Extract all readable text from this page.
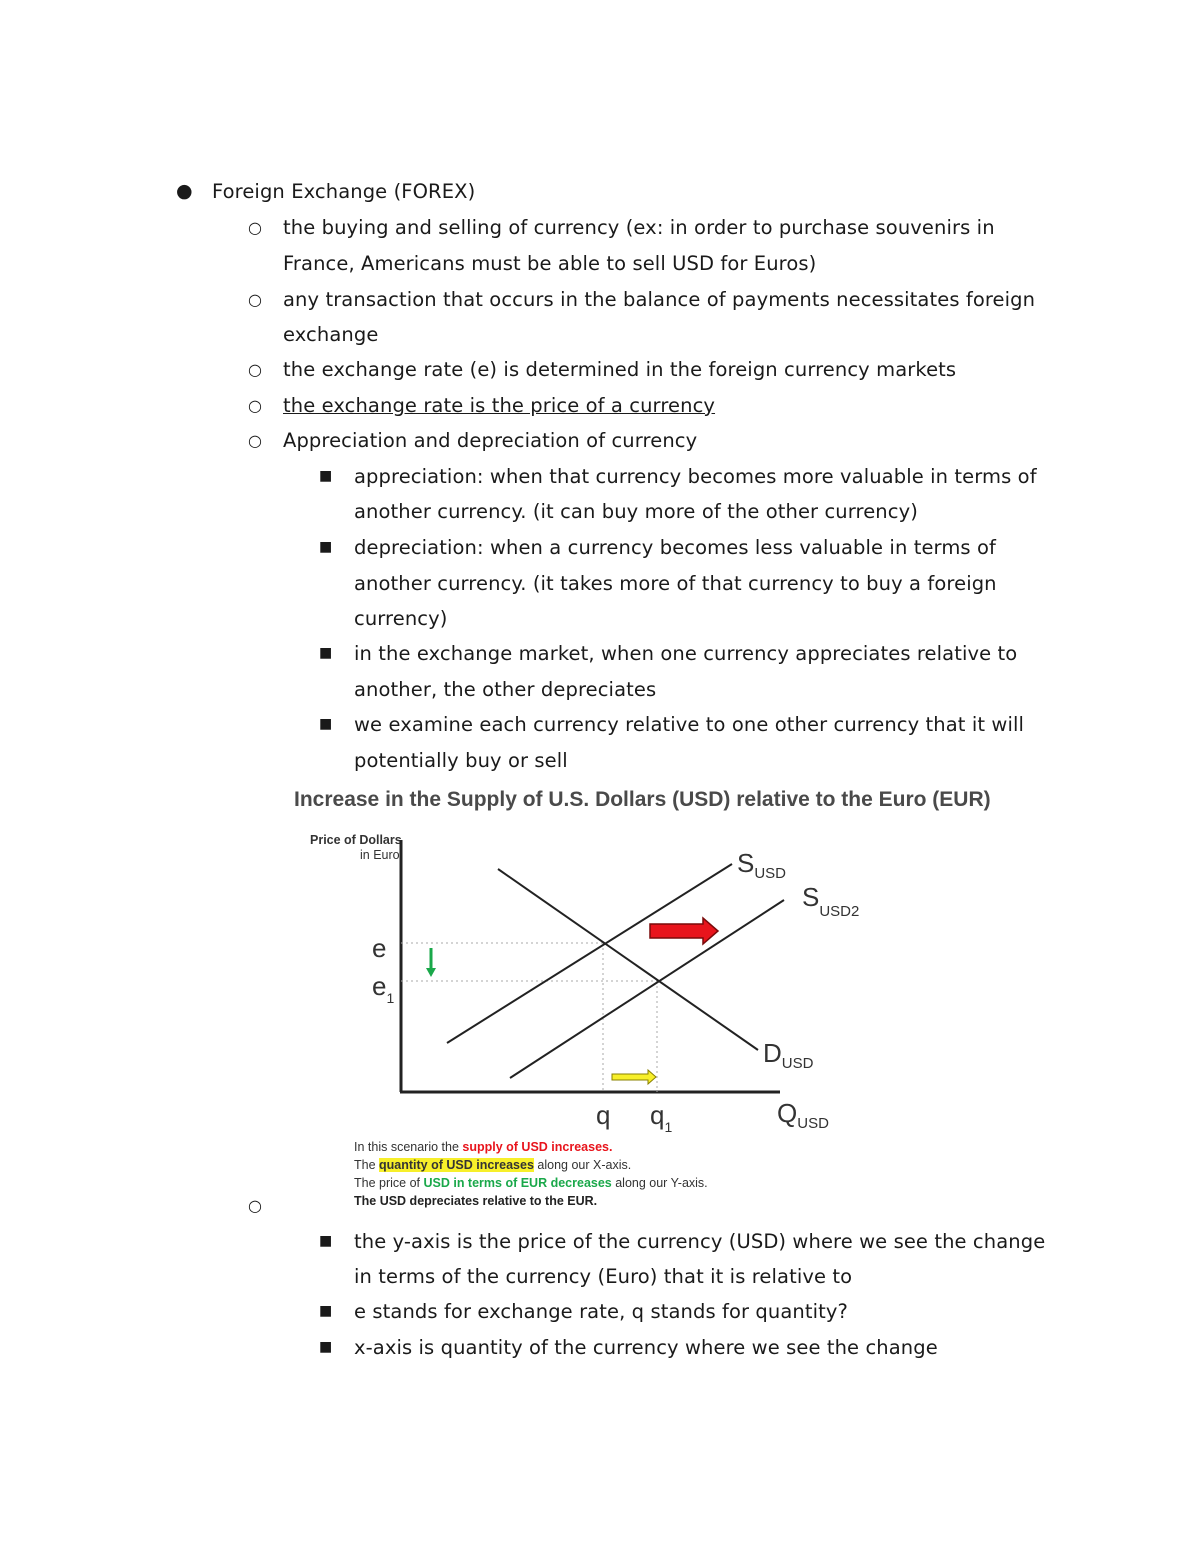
● Foreign Exchange (FOREX)
○ the buying and selling of currency (ex: in order to purchase souvenirs in
France, Americans must be able to sell USD for Euros)
○ any transaction that occurs in the balance of payments necessitates foreign
exchange
○ the exchange rate (e) is determined in the foreign currency markets
○ the exchange rate is the price of a currency
○ Appreciation and depreciation of currency
■ appreciation: when that currency becomes more valuable in terms of
another currency. (it can buy more of the other currency)
■ depreciation: when a currency becomes less valuable in terms of
another currency. (it takes more of that currency to buy a foreign
currency)
■ in the exchange market, when one currency appreciates relative to
another, the other depreciates
■ we examine each currency relative to one other currency that it will
potentially buy or sell
Increase in the Supply of U.S. Dollars (USD) relative to the Euro (EUR)
Price of Dollars
in Euro	$S_{USD}$
$S_{USD2}$
$D_{USD}$
e
$e_1$
q $q_1$	$Q_{USD}$
In this scenario the supply of USD increases.
The quantity of USD increases along our X-axis.
The price of USD in terms of EUR decreases along our Y-axis.
The USD depreciates relative to the EUR.
○
■ the y-axis is the price of the currency (USD) where we see the change
in terms of the currency (Euro) that it is relative to
■ e stands for exchange rate, q stands for quantity?
■ x-axis is quantity of the currency where we see the change
